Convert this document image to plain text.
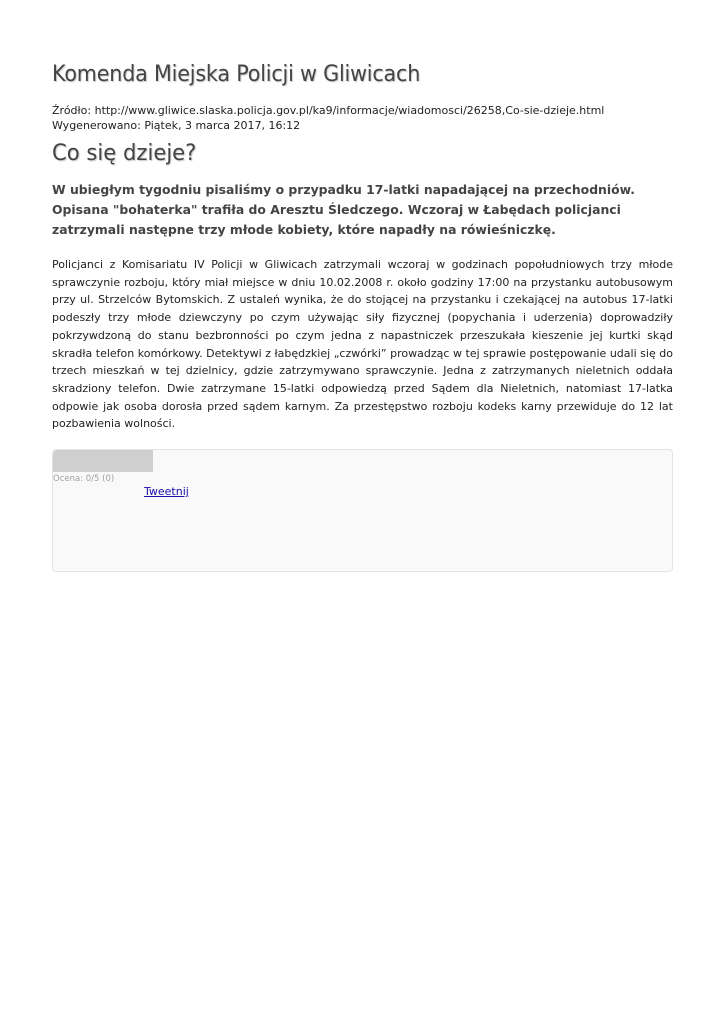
Komenda Miejska Policji w Gliwicach
Źródło: http://www.gliwice.slaska.policja.gov.pl/ka9/informacje/wiadomosci/26258,Co-sie-dzieje.html
Wygenerowano: Piątek, 3 marca 2017, 16:12
Co się dzieje?

W ubiegłym tygodniu pisaliśmy o przypadku 17-latki napadającej na przechodniów. Opisana "bohaterka" trafiła do Aresztu Śledczego. Wczoraj w Łabędach policjanci zatrzymali następne trzy młode kobiety, które napadły na rówieśniczkę.

Policjanci z Komisariatu IV Policji w Gliwicach zatrzymali wczoraj w godzinach popołudniowych trzy młode sprawczynie rozboju, który miał miejsce w dniu 10.02.2008 r. około godziny 17:00 na przystanku autobusowym przy ul. Strzelców Bytomskich. Z ustaleń wynika, że do stojącej na przystanku i czekającej na autobus 17-latki podeszły trzy młode dziewczyny po czym używając siły fizycznej (popychania i uderzenia) doprowadziły pokrzywdzoną do stanu bezbronności po czym jedna z napastniczek przeszukała kieszenie jej kurtki skąd skradła telefon komórkowy. Detektywi z łabędzkiej „czwórki” prowadząc w tej sprawie postępowanie udali się do trzech mieszkań w tej dzielnicy, gdzie zatrzymywano sprawczynie. Jedna z zatrzymanych nieletnich oddała skradziony telefon. Dwie zatrzymane 15-latki odpowiedzą przed Sądem dla Nieletnich, natomiast 17-latka odpowie jak osoba dorosła przed sądem karnym. Za przestępstwo rozboju kodeks karny przewiduje do 12 lat pozbawienia wolności.

Ocena: 0/5 (0)
Tweetnij
